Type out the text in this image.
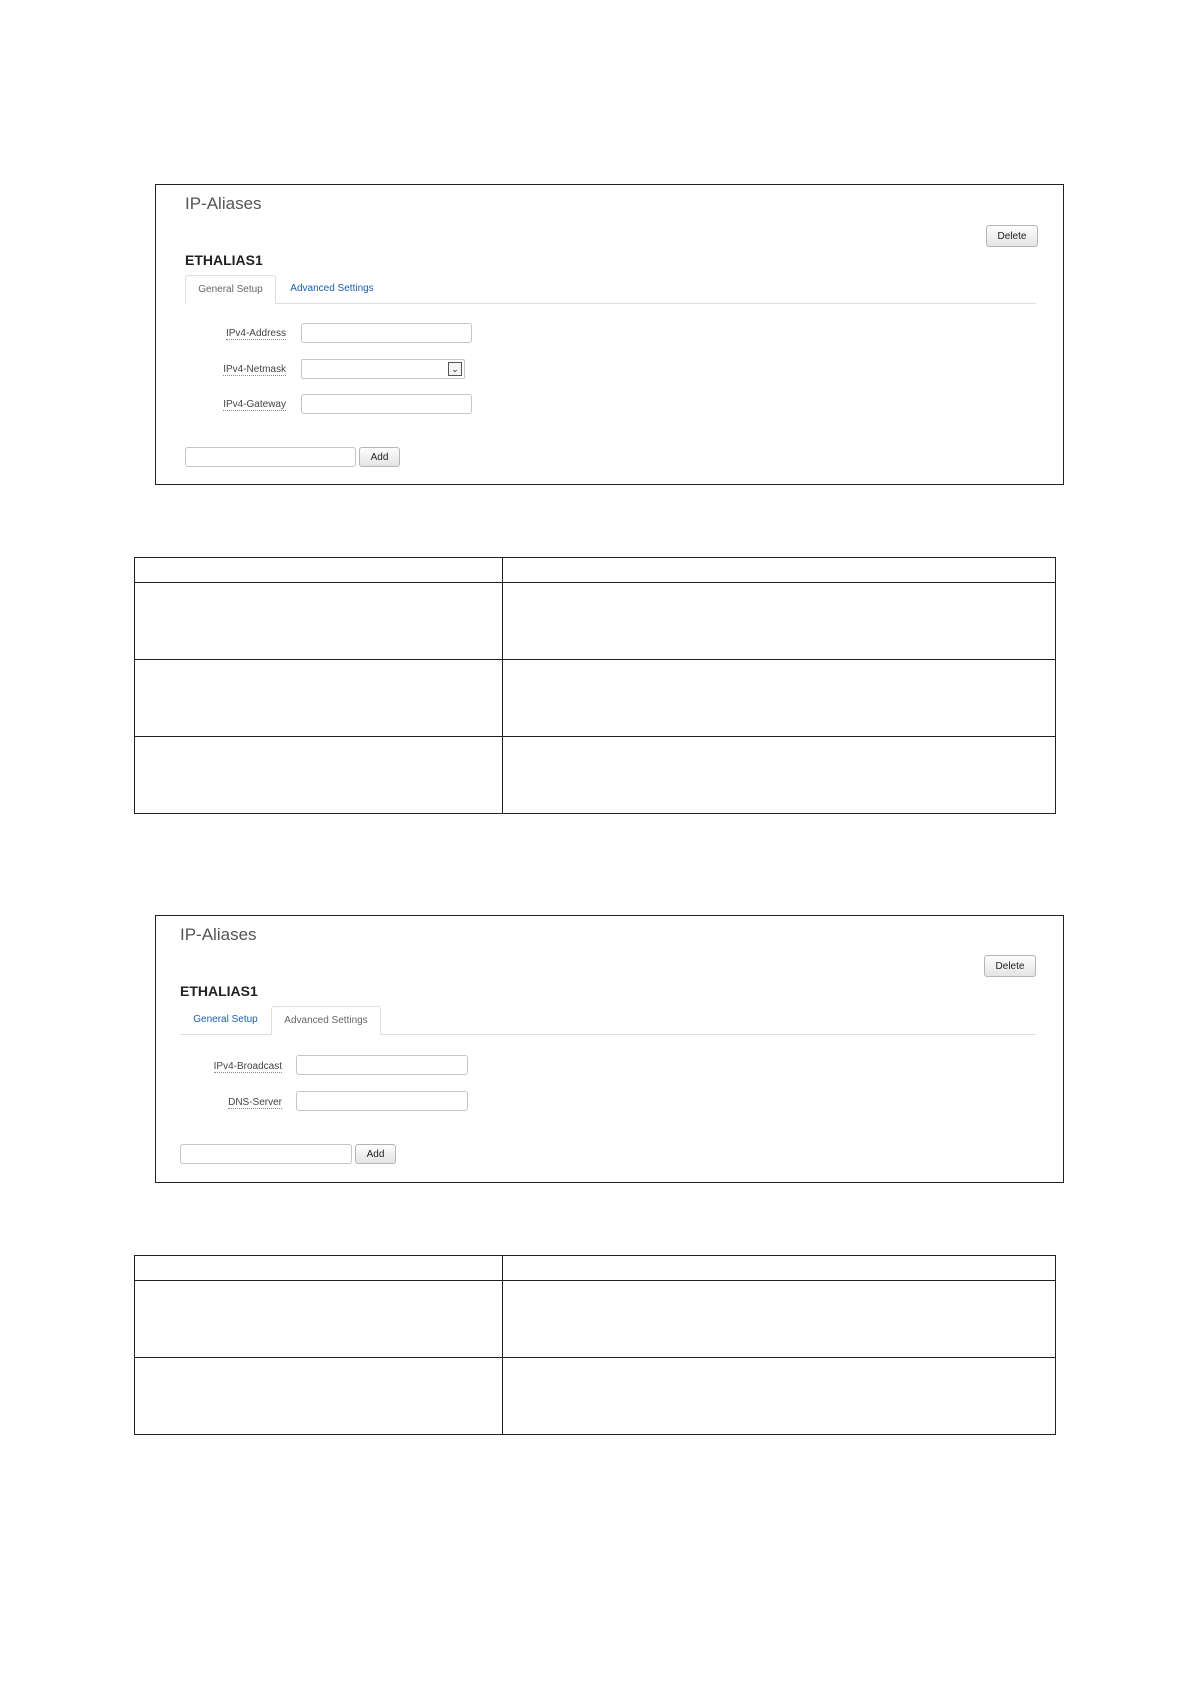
IP-Aliases
Delete
ETHALIAS1
General Setup	Advanced Settings
IPv4-Address
IPv4-Netmask	⌄
IPv4-Gateway
Add

IP-Aliases
Delete
ETHALIAS1
General Setup	Advanced Settings
IPv4-Broadcast
DNS-Server
Add
